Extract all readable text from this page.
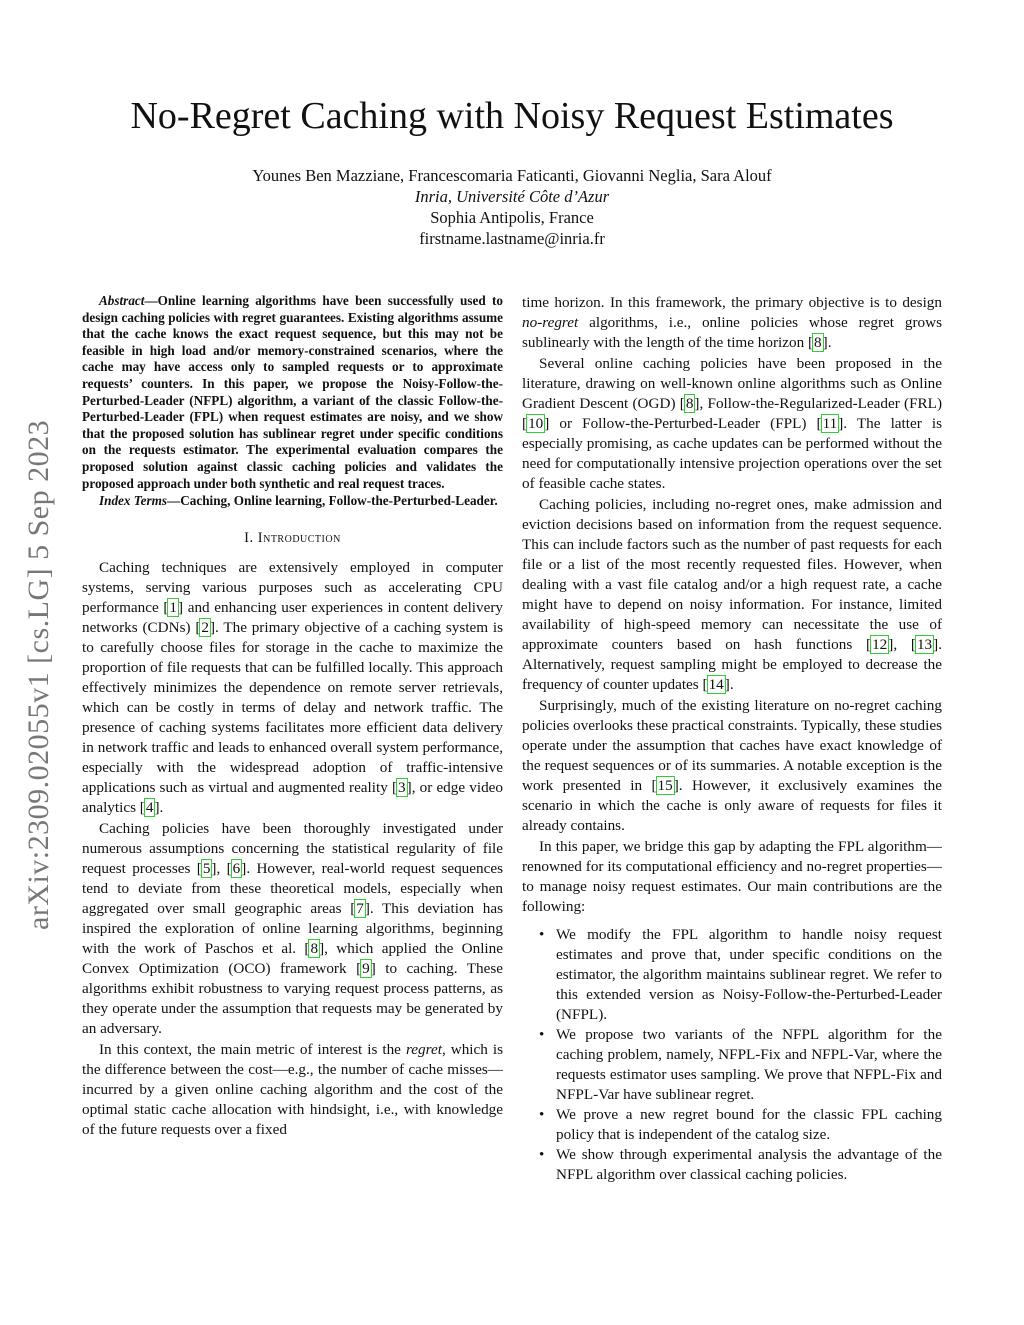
arXiv:2309.02055v1 [cs.LG] 5 Sep 2023
No-Regret Caching with Noisy Request Estimates
Younes Ben Mazziane, Francescomaria Faticanti, Giovanni Neglia, Sara Alouf
Inria, Université Côte d’Azur
Sophia Antipolis, France
firstname.lastname@inria.fr

Abstract—Online learning algorithms have been successfully used to design caching policies with regret guarantees. Existing algorithms assume that the cache knows the exact request sequence, but this may not be feasible in high load and/or memory-constrained scenarios, where the cache may have access only to sampled requests or to approximate requests’ counters. In this paper, we propose the Noisy-Follow-the-Perturbed-Leader (NFPL) algorithm, a variant of the classic Follow-the-Perturbed-Leader (FPL) when request estimates are noisy, and we show that the proposed solution has sublinear regret under specific conditions on the requests estimator. The experimental evaluation compares the proposed solution against classic caching policies and validates the proposed approach under both synthetic and real request traces.

Index Terms—Caching, Online learning, Follow-the-Perturbed-Leader.

I. Introduction

Caching techniques are extensively employed in computer systems, serving various purposes such as accelerating CPU performance [1] and enhancing user experiences in content delivery networks (CDNs) [2]. The primary objective of a caching system is to carefully choose files for storage in the cache to maximize the proportion of file requests that can be fulfilled locally. This approach effectively minimizes the dependence on remote server retrievals, which can be costly in terms of delay and network traffic. The presence of caching systems facilitates more efficient data delivery in network traffic and leads to enhanced overall system performance, especially with the widespread adoption of traffic-intensive applications such as virtual and augmented reality [3], or edge video analytics [4].

Caching policies have been thoroughly investigated under numerous assumptions concerning the statistical regularity of file request processes [5], [6]. However, real-world request sequences tend to deviate from these theoretical models, especially when aggregated over small geographic areas [7]. This deviation has inspired the exploration of online learning algorithms, beginning with the work of Paschos et al. [8], which applied the Online Convex Optimization (OCO) framework [9] to caching. These algorithms exhibit robustness to varying request process patterns, as they operate under the assumption that requests may be generated by an adversary.

In this context, the main metric of interest is the regret, which is the difference between the cost—e.g., the number of cache misses—incurred by a given online caching algorithm and the cost of the optimal static cache allocation with hindsight, i.e., with knowledge of the future requests over a fixed

time horizon. In this framework, the primary objective is to design no-regret algorithms, i.e., online policies whose regret grows sublinearly with the length of the time horizon [8].

Several online caching policies have been proposed in the literature, drawing on well-known online algorithms such as Online Gradient Descent (OGD) [8], Follow-the-Regularized-Leader (FRL) [10] or Follow-the-Perturbed-Leader (FPL) [11]. The latter is especially promising, as cache updates can be performed without the need for computationally intensive projection operations over the set of feasible cache states.

Caching policies, including no-regret ones, make admission and eviction decisions based on information from the request sequence. This can include factors such as the number of past requests for each file or a list of the most recently requested files. However, when dealing with a vast file catalog and/or a high request rate, a cache might have to depend on noisy information. For instance, limited availability of high-speed memory can necessitate the use of approximate counters based on hash functions [12], [13]. Alternatively, request sampling might be employed to decrease the frequency of counter updates [14].

Surprisingly, much of the existing literature on no-regret caching policies overlooks these practical constraints. Typically, these studies operate under the assumption that caches have exact knowledge of the request sequences or of its summaries. A notable exception is the work presented in [15]. However, it exclusively examines the scenario in which the cache is only aware of requests for files it already contains.

In this paper, we bridge this gap by adapting the FPL algorithm—renowned for its computational efficiency and no-regret properties—to manage noisy request estimates. Our main contributions are the following:

• We modify the FPL algorithm to handle noisy request estimates and prove that, under specific conditions on the estimator, the algorithm maintains sublinear regret. We refer to this extended version as Noisy-Follow-the-Perturbed-Leader (NFPL).
• We propose two variants of the NFPL algorithm for the caching problem, namely, NFPL-Fix and NFPL-Var, where the requests estimator uses sampling. We prove that NFPL-Fix and NFPL-Var have sublinear regret.
• We prove a new regret bound for the classic FPL caching policy that is independent of the catalog size.
• We show through experimental analysis the advantage of the NFPL algorithm over classical caching policies.
